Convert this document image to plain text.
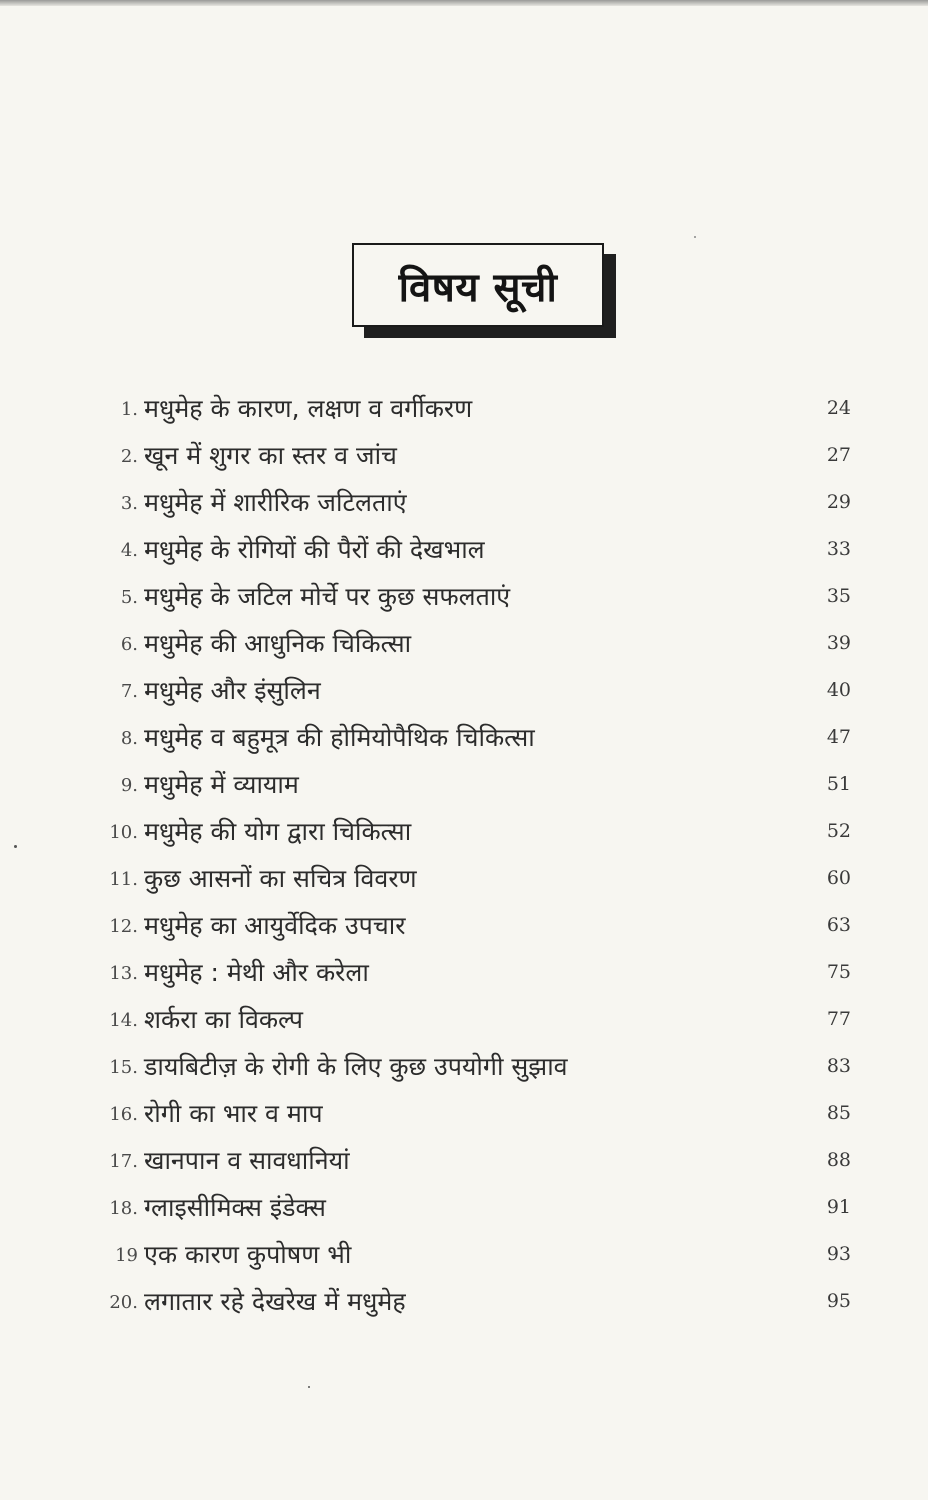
विषय सूची
1. मधुमेह के कारण, लक्षण व वर्गीकरण	24
2. खून में शुगर का स्तर व जांच	27
3. मधुमेह में शारीरिक जटिलताएं	29
4. मधुमेह के रोगियों की पैरों की देखभाल	33
5. मधुमेह के जटिल मोर्चे पर कुछ सफलताएं	35
6. मधुमेह की आधुनिक चिकित्सा	39
7. मधुमेह और इंसुलिन	40
8. मधुमेह व बहुमूत्र की होमियोपैथिक चिकित्सा	47
9. मधुमेह में व्यायाम	51
10. मधुमेह की योग द्वारा चिकित्सा	52
11. कुछ आसनों का सचित्र विवरण	60
12. मधुमेह का आयुर्वेदिक उपचार	63
13. मधुमेह : मेथी और करेला	75
14. शर्करा का विकल्प	77
15. डायबिटीज़ के रोगी के लिए कुछ उपयोगी सुझाव	83
16. रोगी का भार व माप	85
17. खानपान व सावधानियां	88
18. ग्लाइसीमिक्स इंडेक्स	91
19 एक कारण कुपोषण भी	93
20. लगातार रहे देखरेख में मधुमेह	95
